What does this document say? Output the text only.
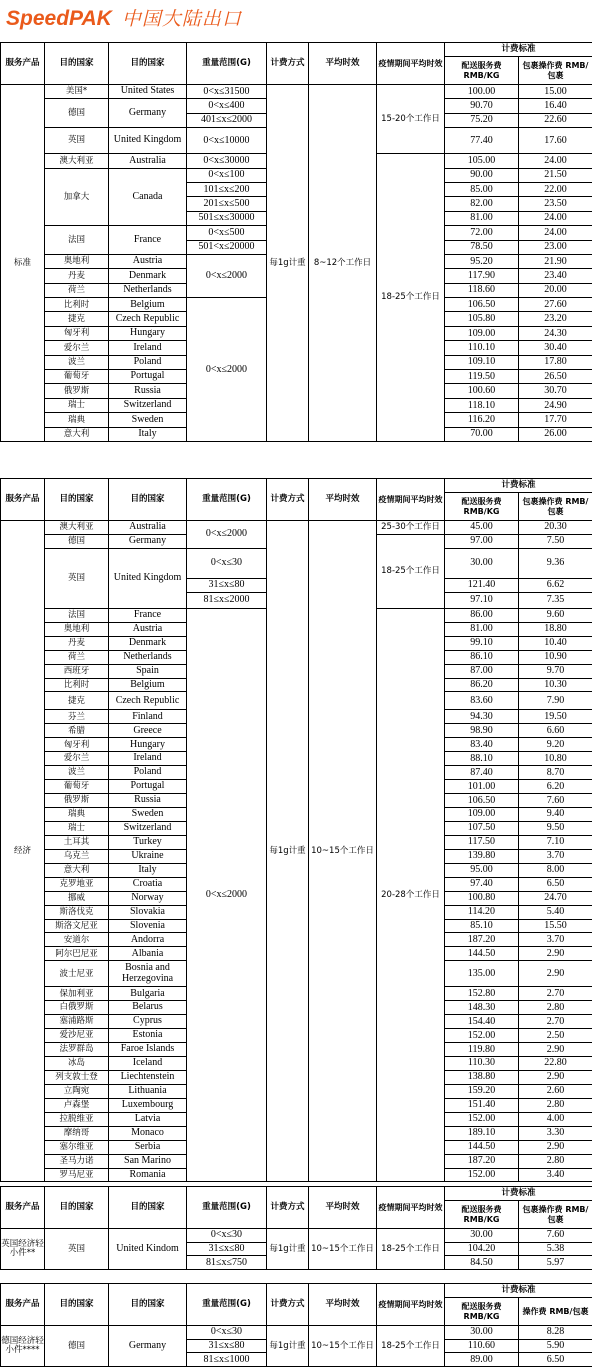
SpeedPAK 中国大陆出口
服务产品	目的国家	目的国家	重量范围(G)	计费方式	平均时效	疫情期间平均时效	计费标准	
							配送服务费 RMB/KG	包裹操作费 RMB/包裹
标准	美国*	United States	0<x≤31500	每1g计重	8~12个工作日	15-20个工作日	100.00	15.00
	德国	Germany	0<x≤400				90.70	16.40
			401≤x≤2000				75.20	22.60
	英国	United Kingdom	0<x≤10000				77.40	17.60
	澳大利亚	Australia	0<x≤30000			18-25个工作日	105.00	24.00
	加拿大	Canada	0<x≤100				90.00	21.50
			101≤x≤200				85.00	22.00
			201≤x≤500				82.00	23.50
			501≤x≤30000				81.00	24.00
	法国	France	0<x≤500				72.00	24.00
			501<x≤20000				78.50	23.00
	奥地利	Austria	0<x≤2000				95.20	21.90
	丹麦	Denmark					117.90	23.40
	荷兰	Netherlands					118.60	20.00
	比利时	Belgium	0<x≤2000				106.50	27.60
	捷克	Czech Republic					105.80	23.20
	匈牙利	Hungary					109.00	24.30
	爱尔兰	Ireland					110.10	30.40
	波兰	Poland					109.10	17.80
	葡萄牙	Portugal					119.50	26.50
	俄罗斯	Russia					100.60	30.70
	瑞士	Switzerland					118.10	24.90
	瑞典	Sweden					116.20	17.70
	意大利	Italy					70.00	26.00
服务产品	目的国家	目的国家	重量范围(G)	计费方式	平均时效	疫情期间平均时效	计费标准	
							配送服务费 RMB/KG	包裹操作费 RMB/包裹
经济	澳大利亚	Australia	0<x≤2000	每1g计重	10~15个工作日	25-30个工作日	45.00	20.30
	德国	Germany				18-25个工作日	97.00	7.50
	英国	United Kingdom	0<x≤30				30.00	9.36
			31≤x≤80				121.40	6.62
			81≤x≤2000				97.10	7.35
	法国	France	0<x≤2000			20-28个工作日	86.00	9.60
	奥地利	Austria					81.00	18.80
	丹麦	Denmark					99.10	10.40
	荷兰	Netherlands					86.10	10.90
	西班牙	Spain					87.00	9.70
	比利时	Belgium					86.20	10.30
	捷克	Czech Republic					83.60	7.90
	芬兰	Finland					94.30	19.50
	希腊	Greece					98.90	6.60
	匈牙利	Hungary					83.40	9.20
	爱尔兰	Ireland					88.10	10.80
	波兰	Poland					87.40	8.70
	葡萄牙	Portugal					101.00	6.20
	俄罗斯	Russia					106.50	7.60
	瑞典	Sweden					109.00	9.40
	瑞士	Switzerland					107.50	9.50
	土耳其	Turkey					117.50	7.10
	乌克兰	Ukraine					139.80	3.70
	意大利	Italy					95.00	8.00
	克罗地亚	Croatia					97.40	6.50
	挪威	Norway					100.80	24.70
	斯洛伐克	Slovakia					114.20	5.40
	斯洛文尼亚	Slovenia					85.10	15.50
	安道尔	Andorra					187.20	3.70
	阿尔巴尼亚	Albania					144.50	2.90
	波士尼亚	Bosnia and Herzegovina					135.00	2.90
	保加利亚	Bulgaria					152.80	2.70
	白俄罗斯	Belarus					148.30	2.80
	塞浦路斯	Cyprus					154.40	2.70
	爱沙尼亚	Estonia					152.00	2.50
	法罗群岛	Faroe Islands					119.80	2.90
	冰岛	Iceland					110.30	22.80
	列支敦士登	Liechtenstein					138.80	2.90
	立陶宛	Lithuania					159.20	2.60
	卢森堡	Luxembourg					151.40	2.80
	拉脱维亚	Latvia					152.00	4.00
	摩纳哥	Monaco					189.10	3.30
	塞尔维亚	Serbia					144.50	2.90
	圣马力诺	San Marino					187.20	2.80
	罗马尼亚	Romania					152.00	3.40
服务产品	目的国家	目的国家	重量范围(G)	计费方式	平均时效	疫情期间平均时效	计费标准	
							配送服务费 RMB/KG	包裹操作费 RMB/包裹
英国经济轻小件**	英国	United Kindom	0<x≤30	每1g计重	10~15个工作日	18-25个工作日	30.00	7.60
			31≤x≤80				104.20	5.38
			81≤x≤750				84.50	5.97
服务产品	目的国家	目的国家	重量范围(G)	计费方式	平均时效	疫情期间平均时效	计费标准	
							配送服务费 RMB/KG	操作费 RMB/包裹
德国经济轻小件****	德国	Germany	0<x≤30	每1g计重	10~15个工作日	18-25个工作日	30.00	8.28
			31≤x≤80				110.60	5.90
			81≤x≤1000				89.00	6.50
